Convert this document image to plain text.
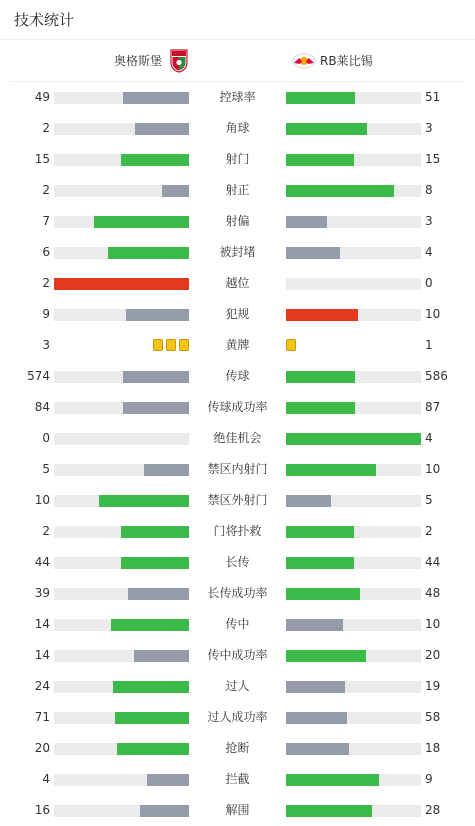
技术统计
奥格斯堡	RB莱比锡
49	控球率	51
2	角球	3
15	射门	15
2	射正	8
7	射偏	3
6	被封堵	4
2	越位	0
9	犯规	10
3	黄牌	1
574	传球	586
84	传球成功率	87
0	绝佳机会	4
5	禁区内射门	10
10	禁区外射门	5
2	门将扑救	2
44	长传	44
39	长传成功率	48
14	传中	10
14	传中成功率	20
24	过人	19
71	过人成功率	58
20	抢断	18
4	拦截	9
16	解围	28
